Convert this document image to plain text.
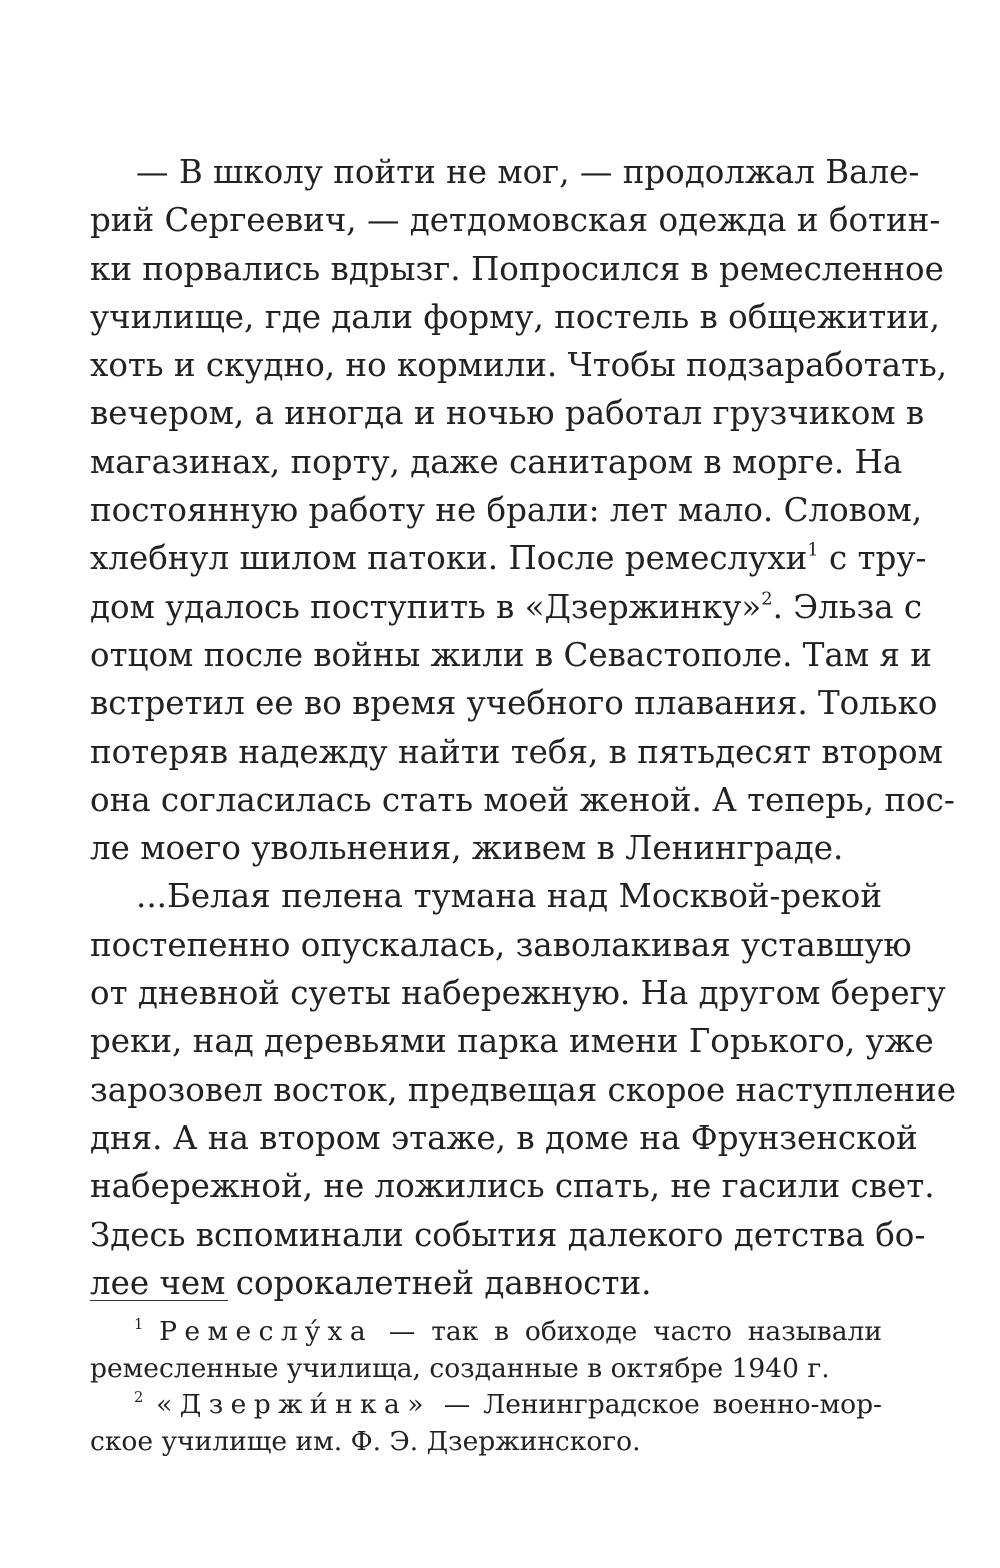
— В школу пойти не мог, — продолжал Вале-
рий Сергеевич, — детдомовская одежда и ботин-
ки порвались вдрызг. Попросился в ремесленное
училище, где дали форму, постель в общежитии,
хоть и скудно, но кормили. Чтобы подзаработать,
вечером, а иногда и ночью работал грузчиком в
магазинах, порту, даже санитаром в морге. На
постоянную работу не брали: лет мало. Словом,
хлебнул шилом патоки. После ремеслухи$^1$ с тру-
дом удалось поступить в «Дзержинку»$^2$. Эльза с
отцом после войны жили в Севастополе. Там я и
встретил ее во время учебного плавания. Только
потеряв надежду найти тебя, в пятьдесят втором
она согласилась стать моей женой. А теперь, пос-
ле моего увольнения, живем в Ленинграде.

...Белая пелена тумана над Москвой-рекой
постепенно опускалась, заволакивая уставшую
от дневной суеты набережную. На другом берегу
реки, над деревьями парка имени Горького, уже
зарозовел восток, предвещая скорое наступление
дня. А на втором этаже, в доме на Фрунзенской
набережной, не ложились спать, не гасили свет.
Здесь вспоминали события далекого детства бо-
лее чем сорокалетней давности.

$^1$ Ремеслýха — так в обиходе часто называли
ремесленные училища, созданные в октябре 1940 г.
$^2$ «Дзержи́нка» — Ленинградское военно-мор-
ское училище им. Ф. Э. Дзержинского.
